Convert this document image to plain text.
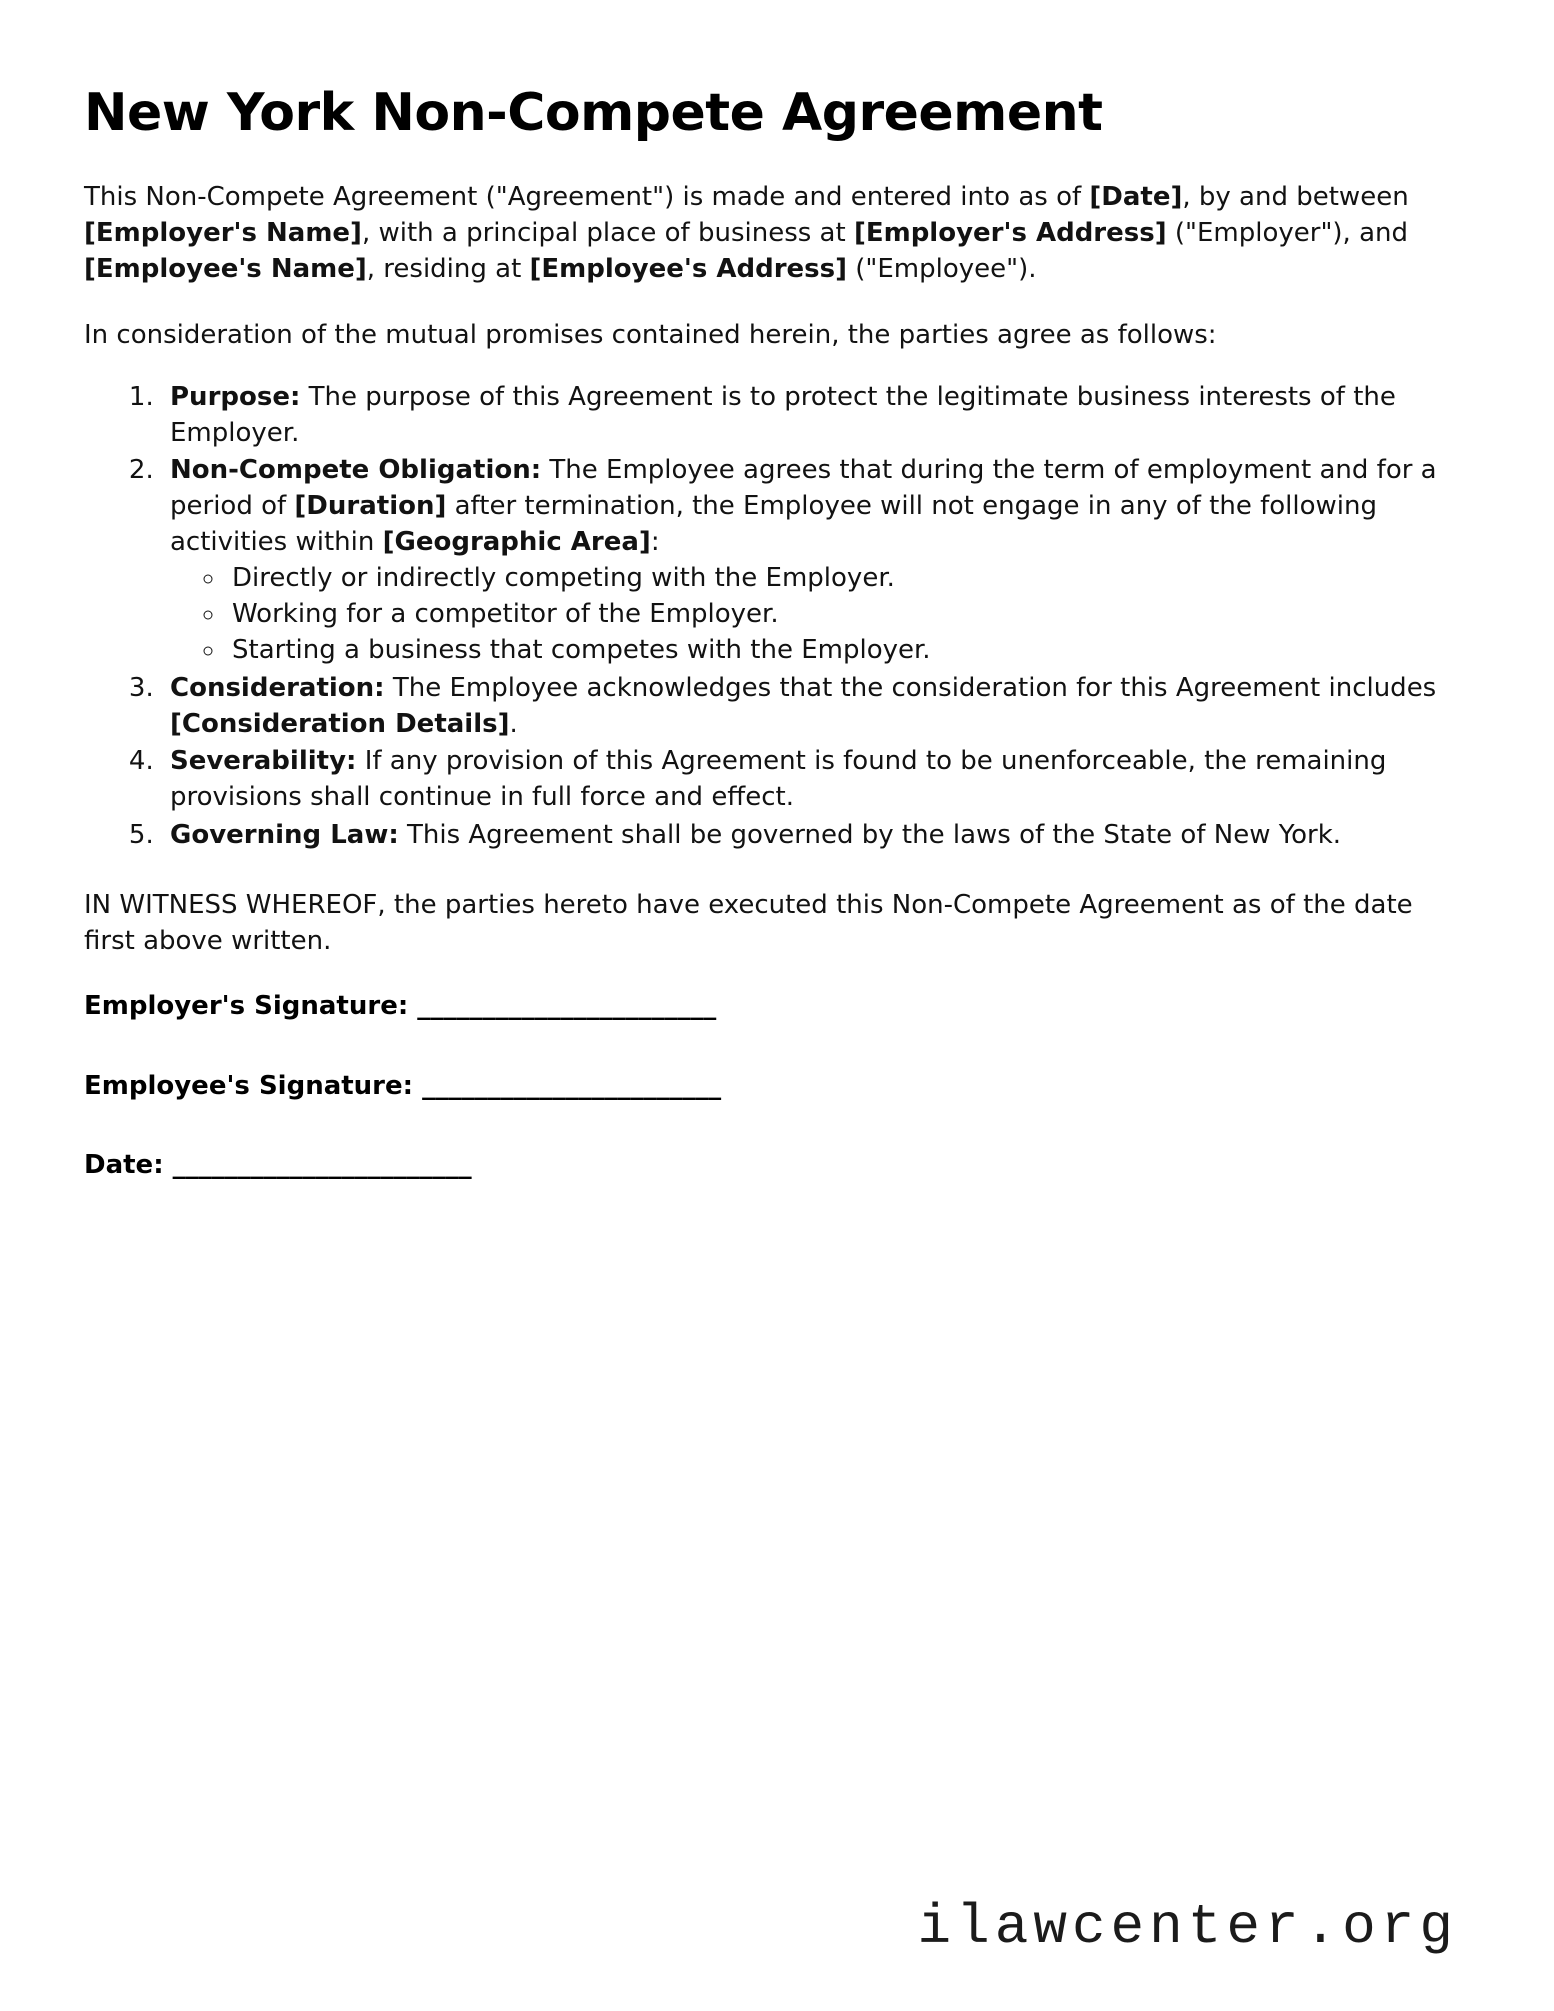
New York Non-Compete Agreement

This Non-Compete Agreement ("Agreement") is made and entered into as of [Date], by and between [Employer's Name], with a principal place of business at [Employer's Address] ("Employer"), and [Employee's Name], residing at [Employee's Address] ("Employee").

In consideration of the mutual promises contained herein, the parties agree as follows:

1. Purpose: The purpose of this Agreement is to protect the legitimate business interests of the Employer.
2. Non-Compete Obligation: The Employee agrees that during the term of employment and for a period of [Duration] after termination, the Employee will not engage in any of the following activities within [Geographic Area]:
◦ Directly or indirectly competing with the Employer.
◦ Working for a competitor of the Employer.
◦ Starting a business that competes with the Employer.
3. Consideration: The Employee acknowledges that the consideration for this Agreement includes [Consideration Details].
4. Severability: If any provision of this Agreement is found to be unenforceable, the remaining provisions shall continue in full force and effect.
5. Governing Law: This Agreement shall be governed by the laws of the State of New York.

IN WITNESS WHEREOF, the parties hereto have executed this Non-Compete Agreement as of the date first above written.

Employer's Signature: _______________________
Employee's Signature: _______________________
Date: _______________________
ilawcenter.org
